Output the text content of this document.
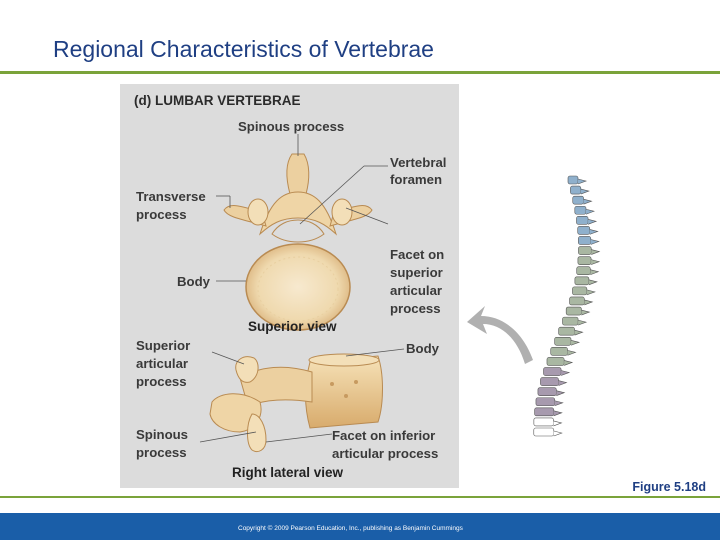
Regional Characteristics of Vertebrae
(d) LUMBAR VERTEBRAE
Spinous process
Vertebral
foramen
Transverse
process
Body
Facet on
superior
articular
process
Superior view
Superior
articular
process
Body
Spinous
process
Facet on inferior
articular process
Right lateral view
Figure 5.18d
Copyright © 2009 Pearson Education, Inc., publishing as Benjamin Cummings
